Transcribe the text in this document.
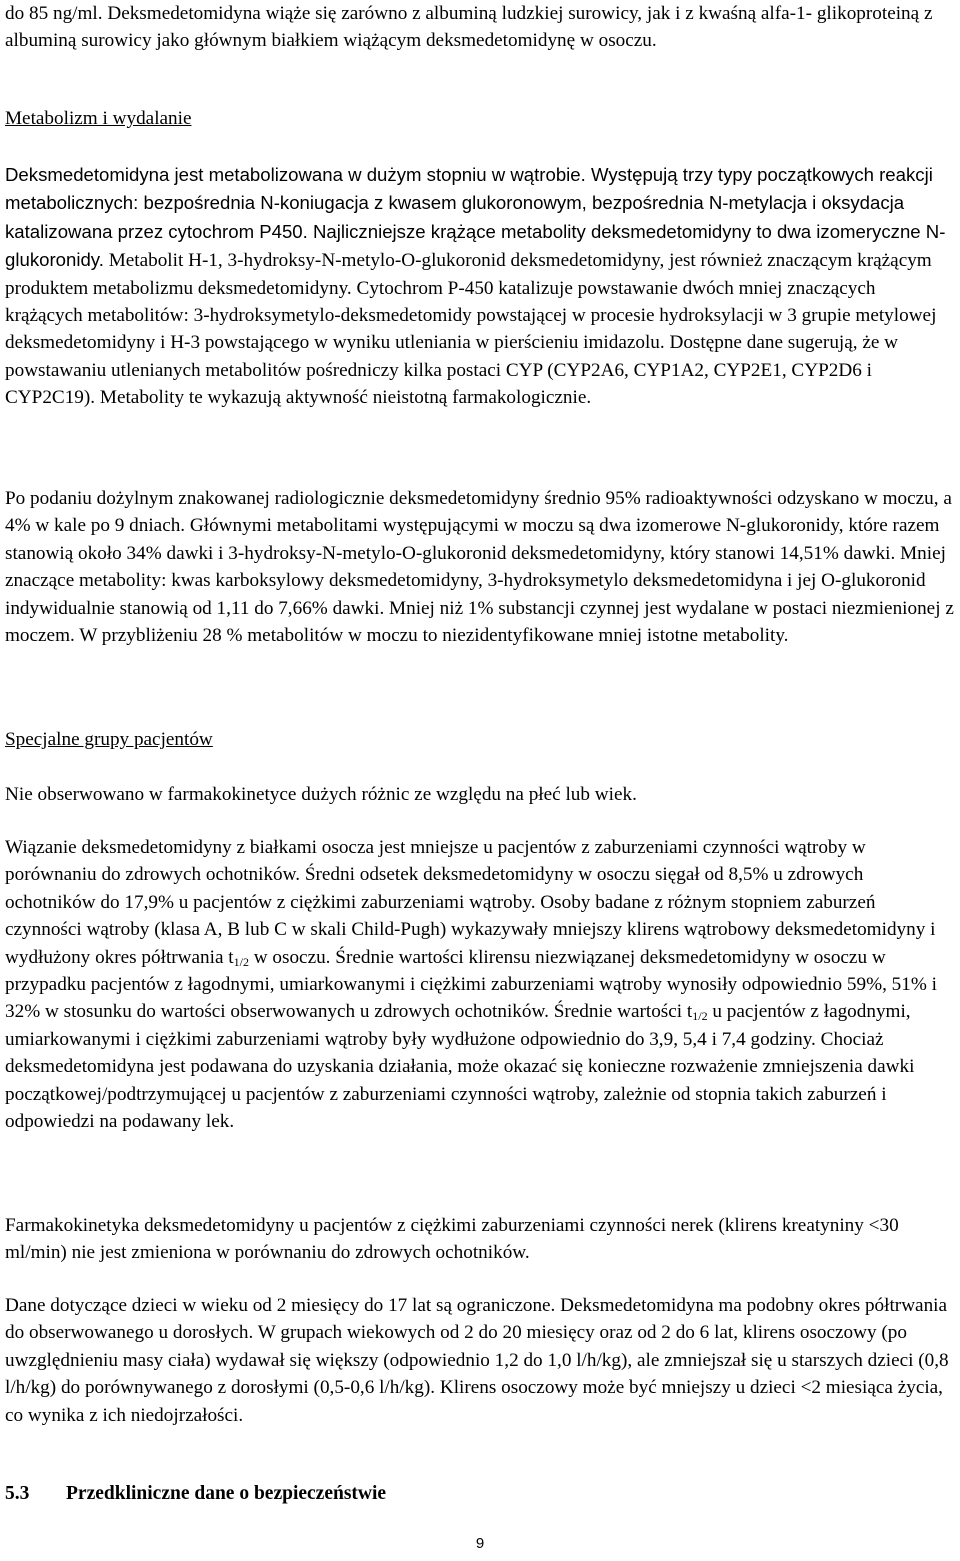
do 85 ng/ml. Deksmedetomidyna wiąże się zarówno z albuminą ludzkiej surowicy, jak i z kwaśną alfa-1- glikoproteiną z albuminą surowicy jako głównym białkiem wiążącym deksmedetomidynę w osoczu.

Metabolizm i wydalanie

Deksmedetomidyna jest metabolizowana w dużym stopniu w wątrobie. Występują trzy typy początkowych reakcji metabolicznych: bezpośrednia N-koniugacja z kwasem glukoronowym, bezpośrednia N-metylacja i oksydacja katalizowana przez cytochrom P450. Najliczniejsze krążące metabolity deksmedetomidyny to dwa izomeryczne N-glukoronidy. Metabolit H-1, 3-hydroksy-N-metylo-O-glukoronid deksmedetomidyny, jest również znaczącym krążącym produktem metabolizmu deksmedetomidyny. Cytochrom P-450 katalizuje powstawanie dwóch mniej znaczących krążących metabolitów: 3-hydroksymetylo-deksmedetomidy powstającej w procesie hydroksylacji w 3 grupie metylowej deksmedetomidyny i H-3 powstającego w wyniku utleniania w pierścieniu imidazolu. Dostępne dane sugerują, że w powstawaniu utlenianych metabolitów pośredniczy kilka postaci CYP (CYP2A6, CYP1A2, CYP2E1, CYP2D6 i CYP2C19). Metabolity te wykazują aktywność nieistotną farmakologicznie.

Po podaniu dożylnym znakowanej radiologicznie deksmedetomidyny średnio 95% radioaktywności odzyskano w moczu, a 4% w kale po 9 dniach. Głównymi metabolitami występującymi w moczu są dwa izomerowe N-glukoronidy, które razem stanowią około 34% dawki i 3-hydroksy-N-metylo-O-glukoronid deksmedetomidyny, który stanowi 14,51% dawki. Mniej znaczące metabolity: kwas karboksylowy deksmedetomidyny, 3-hydroksymetylo deksmedetomidyna i jej O-glukoronid indywidualnie stanowią od 1,11 do 7,66% dawki. Mniej niż 1% substancji czynnej jest wydalane w postaci niezmienionej z moczem. W przybliżeniu 28 % metabolitów w moczu to niezidentyfikowane mniej istotne metabolity.

Specjalne grupy pacjentów

Nie obserwowano w farmakokinetyce dużych różnic ze względu na płeć lub wiek.

Wiązanie deksmedetomidyny z białkami osocza jest mniejsze u pacjentów z zaburzeniami czynności wątroby w porównaniu do zdrowych ochotników. Średni odsetek deksmedetomidyny w osoczu sięgał od 8,5% u zdrowych ochotników do 17,9% u pacjentów z ciężkimi zaburzeniami wątroby. Osoby badane z różnym stopniem zaburzeń czynności wątroby (klasa A, B lub C w skali Child-Pugh) wykazywały mniejszy klirens wątrobowy deksmedetomidyny i wydłużony okres półtrwania $t_{1/2}$ w osoczu. Średnie wartości klirensu niezwiązanej deksmedetomidyny w osoczu w przypadku pacjentów z łagodnymi, umiarkowanymi i ciężkimi zaburzeniami wątroby wynosiły odpowiednio 59%, 51% i 32% w stosunku do wartości obserwowanych u zdrowych ochotników. Średnie wartości $t_{1/2}$ u pacjentów z łagodnymi, umiarkowanymi i ciężkimi zaburzeniami wątroby były wydłużone odpowiednio do 3,9, 5,4 i 7,4 godziny. Chociaż deksmedetomidyna jest podawana do uzyskania działania, może okazać się konieczne rozważenie zmniejszenia dawki początkowej/podtrzymującej u pacjentów z zaburzeniami czynności wątroby, zależnie od stopnia takich zaburzeń i odpowiedzi na podawany lek.

Farmakokinetyka deksmedetomidyny u pacjentów z ciężkimi zaburzeniami czynności nerek (klirens kreatyniny <30 ml/min) nie jest zmieniona w porównaniu do zdrowych ochotników.

Dane dotyczące dzieci w wieku od 2 miesięcy do 17 lat są ograniczone. Deksmedetomidyna ma podobny okres półtrwania do obserwowanego u dorosłych. W grupach wiekowych od 2 do 20 miesięcy oraz od 2 do 6 lat, klirens osoczowy (po uwzględnieniu masy ciała) wydawał się większy (odpowiednio 1,2 do 1,0 l/h/kg), ale zmniejszał się u starszych dzieci (0,8 l/h/kg) do porównywanego z dorosłymi (0,5-0,6 l/h/kg). Klirens osoczowy może być mniejszy u dzieci <2 miesiąca życia, co wynika z ich niedojrzałości.

5.3 Przedkliniczne dane o bezpieczeństwie
9
